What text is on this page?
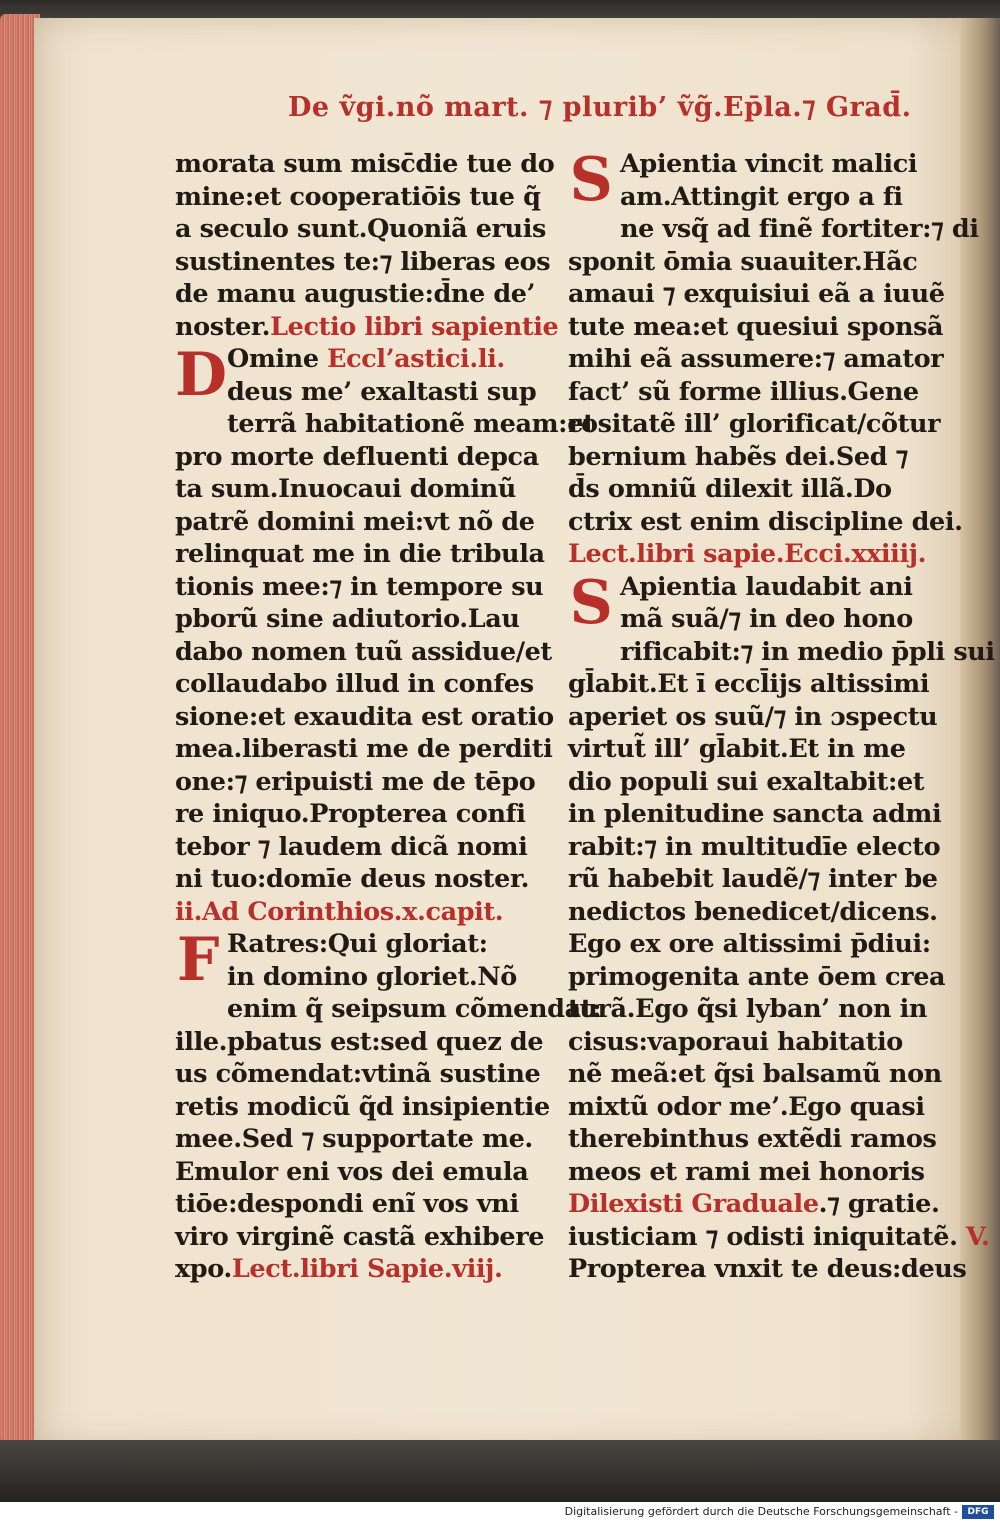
De ṽgi.nõ mart. ⁊ plurib’ ṽg̃.Ep̄la.⁊ Grad̄.
morata sum misc̄die tue do
mine:et cooperatiōis tue q̃
a seculo sunt.Quoniã eruis
sustinentes te:⁊ liberas eos
de manu augustie:d̄ne de’
noster.Lectio libri sapientie
D Omine Eccl’astici.li.
deus me’ exaltasti sup
terrã habitationẽ meam:et
pro morte defluenti depca
ta sum.Inuocaui dominũ
patrẽ domini mei:vt nõ de
relinquat me in die tribula
tionis mee:⁊ in tempore su
pborũ sine adiutorio.Lau
dabo nomen tuũ assidue/et
collaudabo illud in confes
sione:et exaudita est oratio
mea.liberasti me de perditi
one:⁊ eripuisti me de tēpo
re iniquo.Propterea confi
tebor ⁊ laudem dicã nomi
ni tuo:domīe deus noster.
ii.Ad Corinthios.x.capit.
F Ratres:Qui gloriat:
in domino gloriet.Nõ
enim q̃ seipsum cõmendat:
ille.pbatus est:sed quez de
us cõmendat:vtinã sustine
retis modicũ q̃d insipientie
mee.Sed ⁊ supportate me.
Emulor eni vos dei emula
tiōe:despondi enĩ vos vni
viro virginẽ castã exhibere
xpo.Lect.libri Sapie.viij.
S Apientia vincit malici
am.Attingit ergo a fi
ne vsq̃ ad finẽ fortiter:⁊ di
sponit ōmia suauiter.Hãc
amaui ⁊ exquisiui eã a iuuẽ
tute mea:et quesiui sponsã
mihi eã assumere:⁊ amator
fact’ sũ forme illius.Gene
rositatẽ ill’ glorificat/cõtur
bernium habẽs dei.Sed ⁊
d̄s omniũ dilexit illã.Do
ctrix est enim discipline dei.
Lect.libri sapie.Ecci.xxiiij.
S Apientia laudabit ani
mã suã/⁊ in deo hono
rificabit:⁊ in medio p̄pli sui
gl̄abit.Et ī eccl̄ijs altissimi
aperiet os suũ/⁊ in ɔspectu
virtut̃ ill’ gl̄abit.Et in me
dio populi sui exaltabit:et
in plenitudine sancta admi
rabit:⁊ in multitudīe electo
rũ habebit laudẽ/⁊ inter be
nedictos benedicet/dicens.
Ego ex ore altissimi p̄diui:
primogenita ante ōem crea
turã.Ego q̃si lyban’ non in
cisus:vaporaui habitatio
nẽ meã:et q̃si balsamũ non
mixtũ odor me’.Ego quasi
therebinthus extẽdi ramos
meos et rami mei honoris
Dilexisti Graduale.⁊ gratie.
iusticiam ⁊ odisti iniquitatẽ. V.
Propterea vnxit te deus:deus
Digitalisierung gefördert durch die Deutsche Forschungsgemeinschaft -	DFG
